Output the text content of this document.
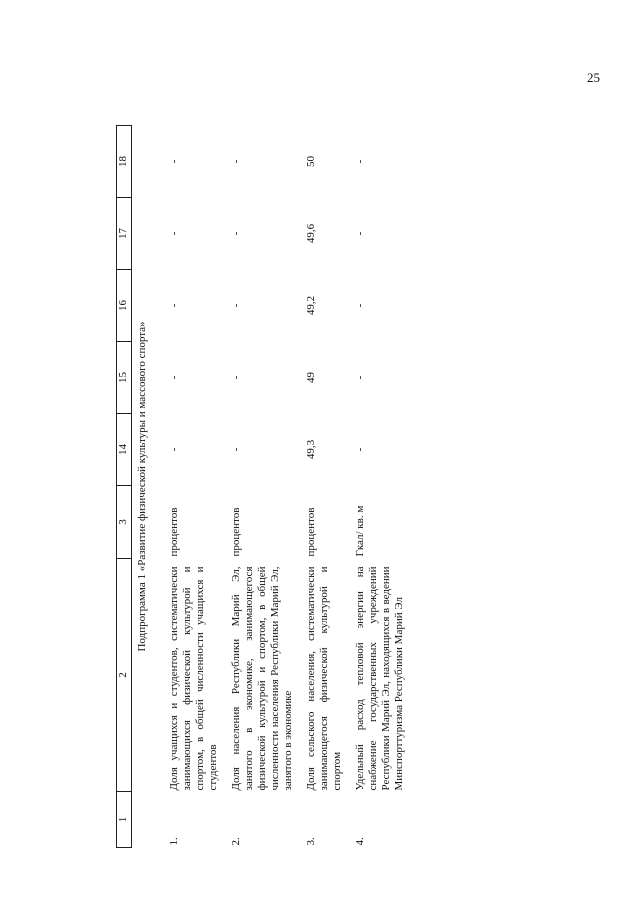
25
1	2	3	14	15	16	17	18
Подпрограмма 1 «Развитие физической культуры и массового спорта»							

1.	Доля учащихся и студентов, систематически занимающихся физической культурой и спортом, в общей численности учащихся и студентов	процентов	-	-	-	-	-
2.	Доля населения Республики Марий Эл, занятого в экономике, занимающегося физической культурой и спортом, в общей численности населения Республики Марий Эл, занятого в экономике	процентов	-	-	-	-	-
3.	Доля сельского населения, систематически занимающегося физической культурой и спортом	процентов	49,3	49	49,2	49,6	50
4.	Удельный расход тепловой энергии на снабжение государственных учреждений Республики Марий Эл, находящихся в ведении Минспорттуризма Республики Марий Эл	Гкал/ кв. м	-	-	-	-	-
